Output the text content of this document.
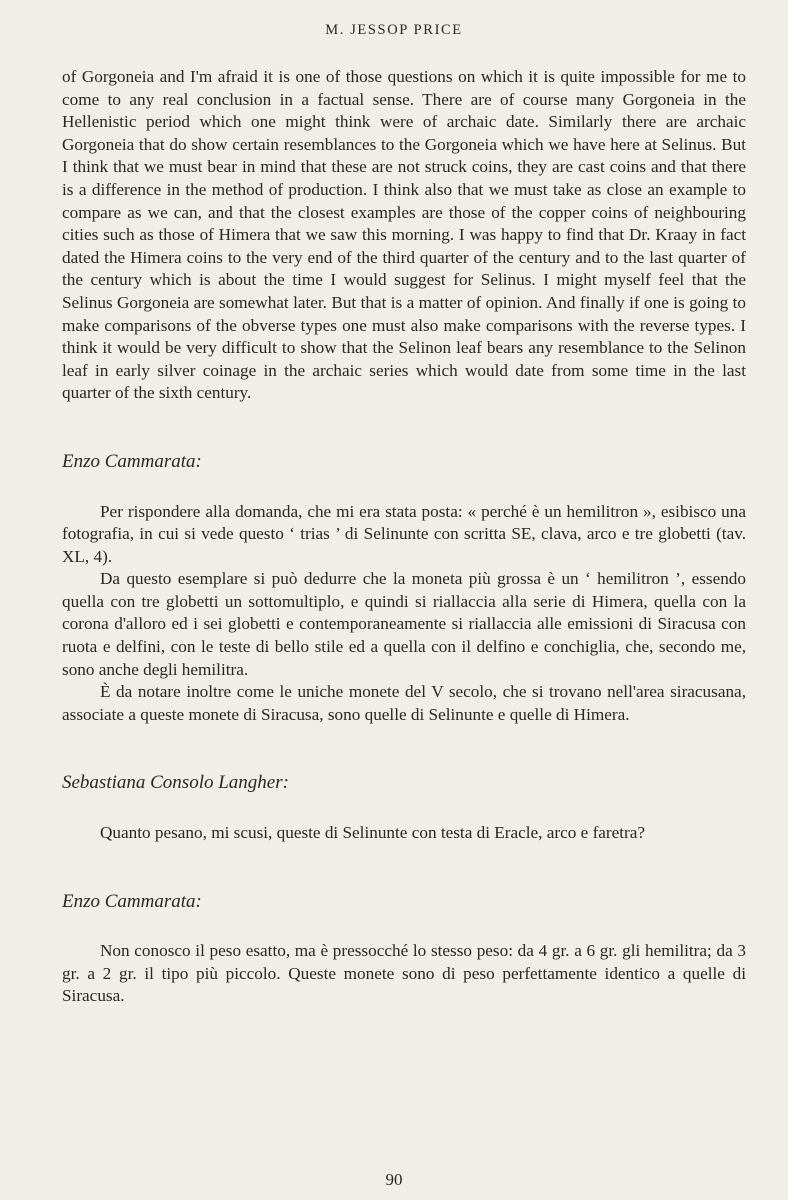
M. JESSOP PRICE

of Gorgoneia and I'm afraid it is one of those questions on which it is quite impossible for me to come to any real conclusion in a factual sense. There are of course many Gorgoneia in the Hellenistic period which one might think were of archaic date. Similarly there are archaic Gorgoneia that do show certain resemblances to the Gorgoneia which we have here at Selinus. But I think that we must bear in mind that these are not struck coins, they are cast coins and that there is a difference in the method of production. I think also that we must take as close an example to compare as we can, and that the closest examples are those of the copper coins of neighbouring cities such as those of Himera that we saw this morning. I was happy to find that Dr. Kraay in fact dated the Himera coins to the very end of the third quarter of the century and to the last quarter of the century which is about the time I would suggest for Selinus. I might myself feel that the Selinus Gorgoneia are somewhat later. But that is a matter of opinion. And finally if one is going to make comparisons of the obverse types one must also make comparisons with the reverse types. I think it would be very difficult to show that the Selinon leaf bears any resemblance to the Selinon leaf in early silver coinage in the archaic series which would date from some time in the last quarter of the sixth century.

Enzo Cammarata:

Per rispondere alla domanda, che mi era stata posta: « perché è un hemilitron », esibisco una fotografia, in cui si vede questo ‘ trias ’ di Selinunte con scritta SE, clava, arco e tre globetti (tav. XL, 4).

Da questo esemplare si può dedurre che la moneta più grossa è un ‘ hemilitron ’, essendo quella con tre globetti un sottomultiplo, e quindi si riallaccia alla serie di Himera, quella con la corona d'alloro ed i sei globetti e contemporaneamente si riallaccia alle emissioni di Siracusa con ruota e delfini, con le teste di bello stile ed a quella con il delfino e conchiglia, che, secondo me, sono anche degli hemilitra.

È da notare inoltre come le uniche monete del V secolo, che si trovano nell'area siracusana, associate a queste monete di Siracusa, sono quelle di Selinunte e quelle di Himera.

Sebastiana Consolo Langher:

Quanto pesano, mi scusi, queste di Selinunte con testa di Eracle, arco e faretra?

Enzo Cammarata:

Non conosco il peso esatto, ma è pressocché lo stesso peso: da 4 gr. a 6 gr. gli hemilitra; da 3 gr. a 2 gr. il tipo più piccolo. Queste monete sono di peso perfettamente identico a quelle di Siracusa.

90
